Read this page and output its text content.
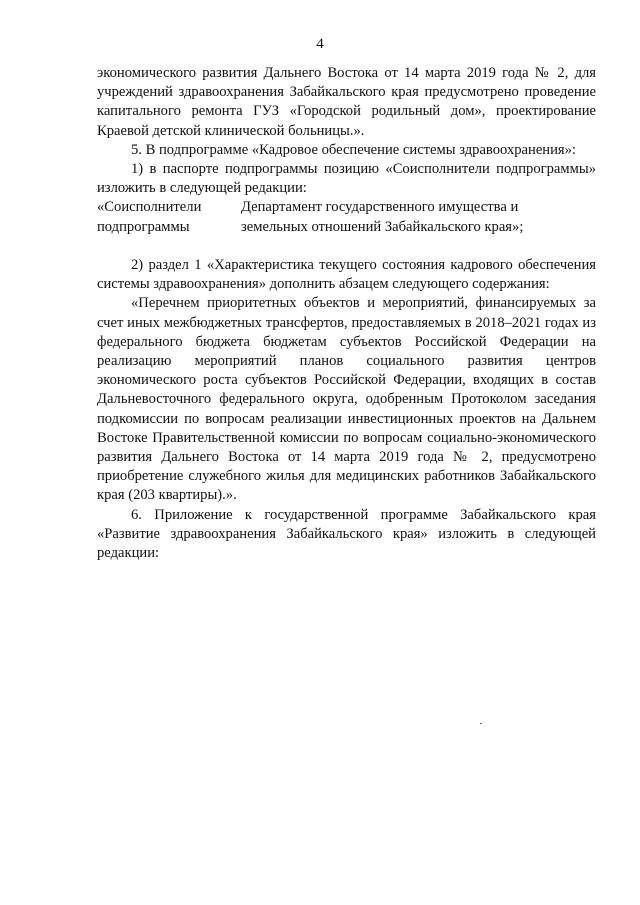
4

экономического развития Дальнего Востока от 14 марта 2019 года № 2, для учреждений здравоохранения Забайкальского края предусмотрено проведение капитального ремонта ГУЗ «Городской родильный дом», проектирование Краевой детской клинической больницы.».

5. В подпрограмме «Кадровое обеспечение системы здравоохранения»:

1) в паспорте подпрограммы позицию «Соисполнители подпрограммы» изложить в следующей редакции:

«Соисполнители	Департамент государственного имущества и
подпрограммы	земельных отношений Забайкальского края»;

2) раздел 1 «Характеристика текущего состояния кадрового обеспечения системы здравоохранения» дополнить абзацем следующего содержания:

«Перечнем приоритетных объектов и мероприятий, финансируемых за счет иных межбюджетных трансфертов, предоставляемых в 2018–2021 годах из федерального бюджета бюджетам субъектов Российской Федерации на реализацию мероприятий планов социального развития центров экономического роста субъектов Российской Федерации, входящих в состав Дальневосточного федерального округа, одобренным Протоколом заседания подкомиссии по вопросам реализации инвестиционных проектов на Дальнем Востоке Правительственной комиссии по вопросам социально-экономического развития Дальнего Востока от 14 марта 2019 года № 2, предусмотрено приобретение служебного жилья для медицинских работников Забайкальского края (203 квартиры).».

6. Приложение к государственной программе Забайкальского края «Развитие здравоохранения Забайкальского края» изложить в следующей редакции:
